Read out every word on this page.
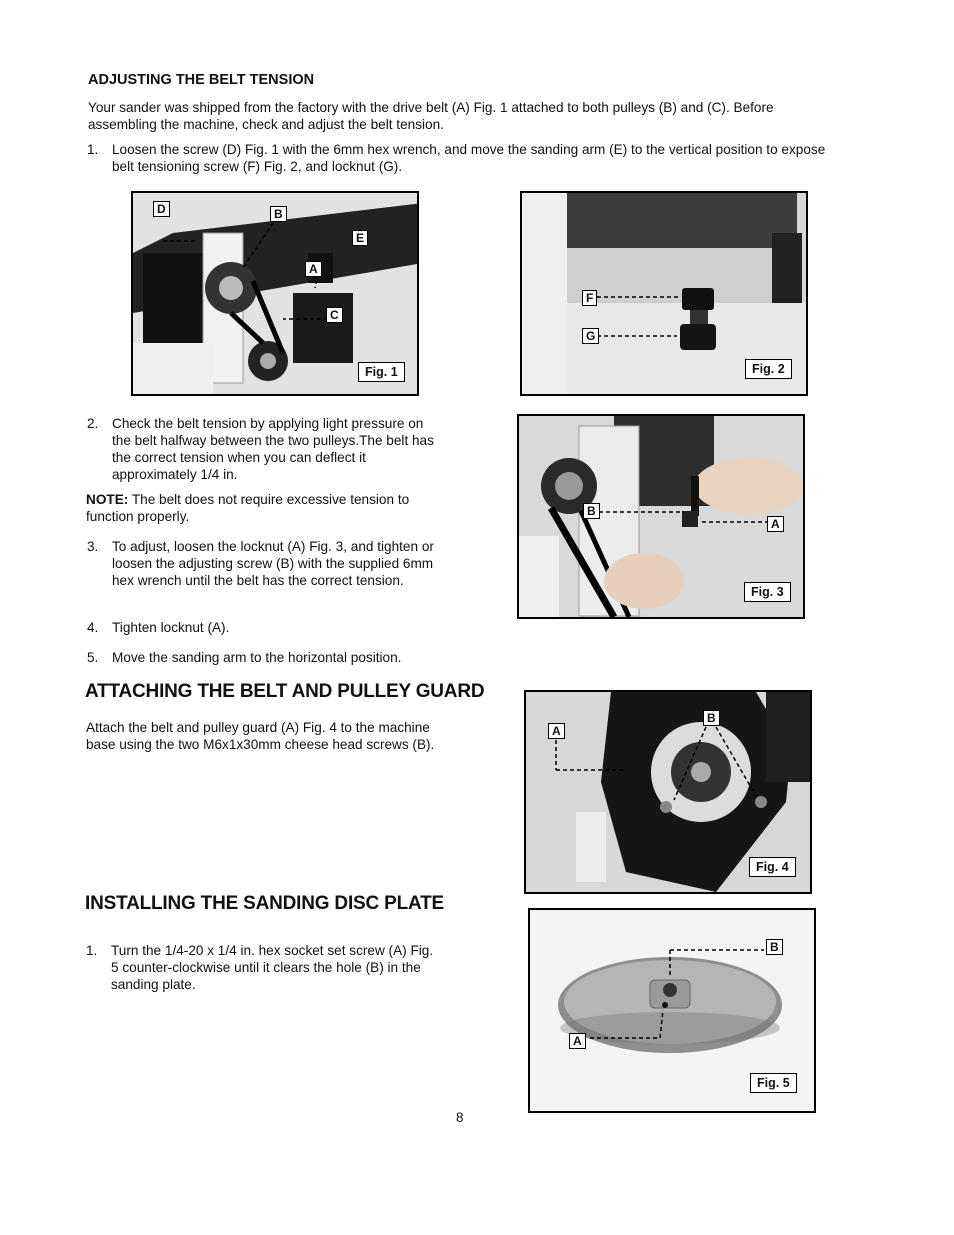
ADJUSTING THE BELT TENSION
Your sander was shipped from the factory with the drive belt (A) Fig. 1 attached to both pulleys (B) and (C). Before assembling the machine, check and adjust the belt tension.
1.	Loosen the screw (D) Fig. 1 with the 6mm hex wrench, and move the sanding arm (E) to the vertical position to expose belt tensioning screw (F) Fig. 2, and locknut (G).
D	B
E
A
C
Fig. 1
F
G
Fig. 2
2.	Check the belt tension by applying light pressure on the belt halfway between the two pulleys.The belt has the correct tension when you can deflect it approximately 1/4 in.
NOTE: The belt does not require excessive tension to function properly.
3.	To adjust, loosen the locknut (A) Fig. 3, and tighten or loosen the adjusting screw (B) with the supplied 6mm hex wrench until the belt has the correct tension.
4.	Tighten locknut (A).
5.	Move the sanding arm to the horizontal position.
B
A
Fig. 3
ATTACHING THE BELT AND PULLEY GUARD
Attach the belt and pulley guard (A) Fig. 4 to the machine base using the two M6x1x30mm cheese head screws (B).
A
B
Fig. 4
INSTALLING THE SANDING DISC PLATE
1.	Turn the 1/4-20 x 1/4 in. hex socket set screw (A) Fig. 5 counter-clockwise until it clears the hole (B) in the sanding plate.
B
A
Fig. 5
8
